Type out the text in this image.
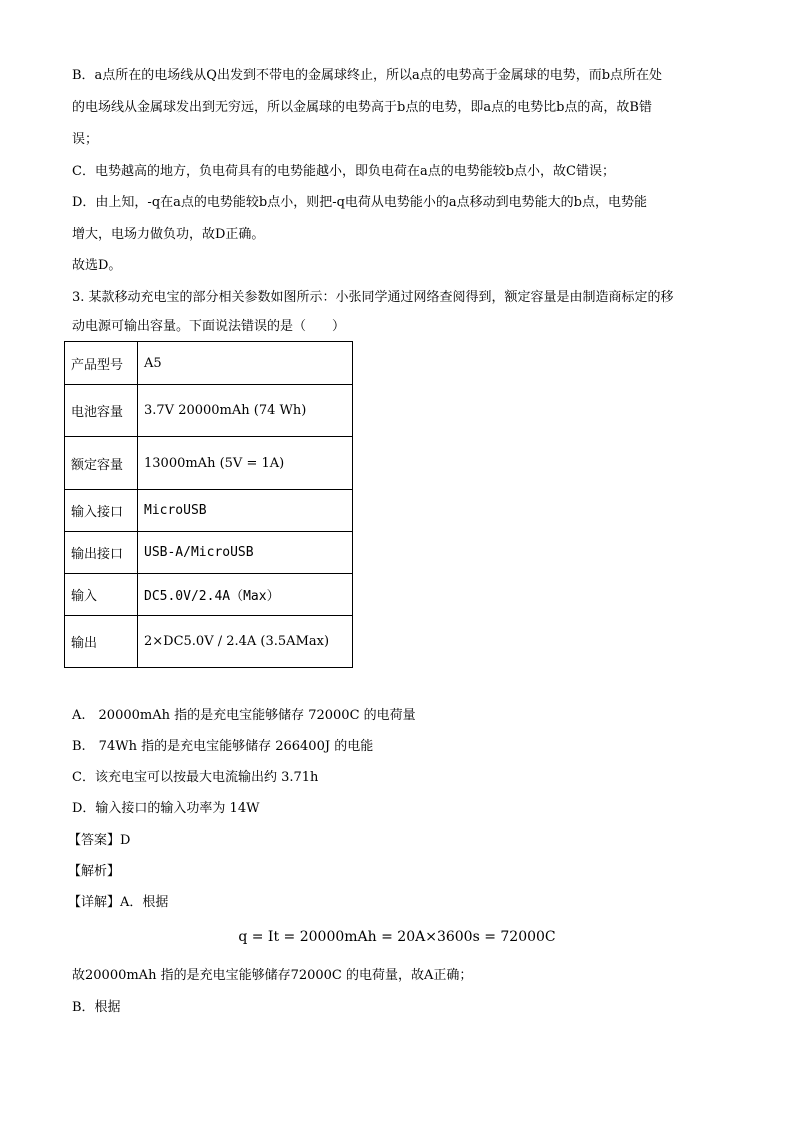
B．a点所在的电场线从Q出发到不带电的金属球终止，所以a点的电势高于金属球的电势，而b点所在处
的电场线从金属球发出到无穷远，所以金属球的电势高于b点的电势，即a点的电势比b点的高，故B错
误；
C．电势越高的地方，负电荷具有的电势能越小，即负电荷在a点的电势能较b点小，故C错误；
D．由上知，-q在a点的电势能较b点小，则把-q电荷从电势能小的a点移动到电势能大的b点，电势能
增大，电场力做负功，故D正确。
故选D。
3. 某款移动充电宝的部分相关参数如图所示：小张同学通过网络查阅得到，额定容量是由制造商标定的移
动电源可输出容量。下面说法错误的是（　　）
产品型号	A5
电池容量	3.7V 20000mAh (74 Wh)
额定容量	13000mAh (5V = 1A)
输入接口	MicroUSB
输出接口	USB-A/MicroUSB
输入	DC5.0V/2.4A（Max）
输出	2×DC5.0V / 2.4A (3.5AMax)
A.　20000mAh 指的是充电宝能够储存 72000C 的电荷量
B.　74Wh 指的是充电宝能够储存 266400J 的电能
C．该充电宝可以按最大电流输出约 3.71h
D．输入接口的输入功率为 14W
【答案】D
【解析】
【详解】A．根据
q = It = 20000mAh = 20A×3600s = 72000C
故20000mAh 指的是充电宝能够储存72000C 的电荷量，故A正确；
B．根据
